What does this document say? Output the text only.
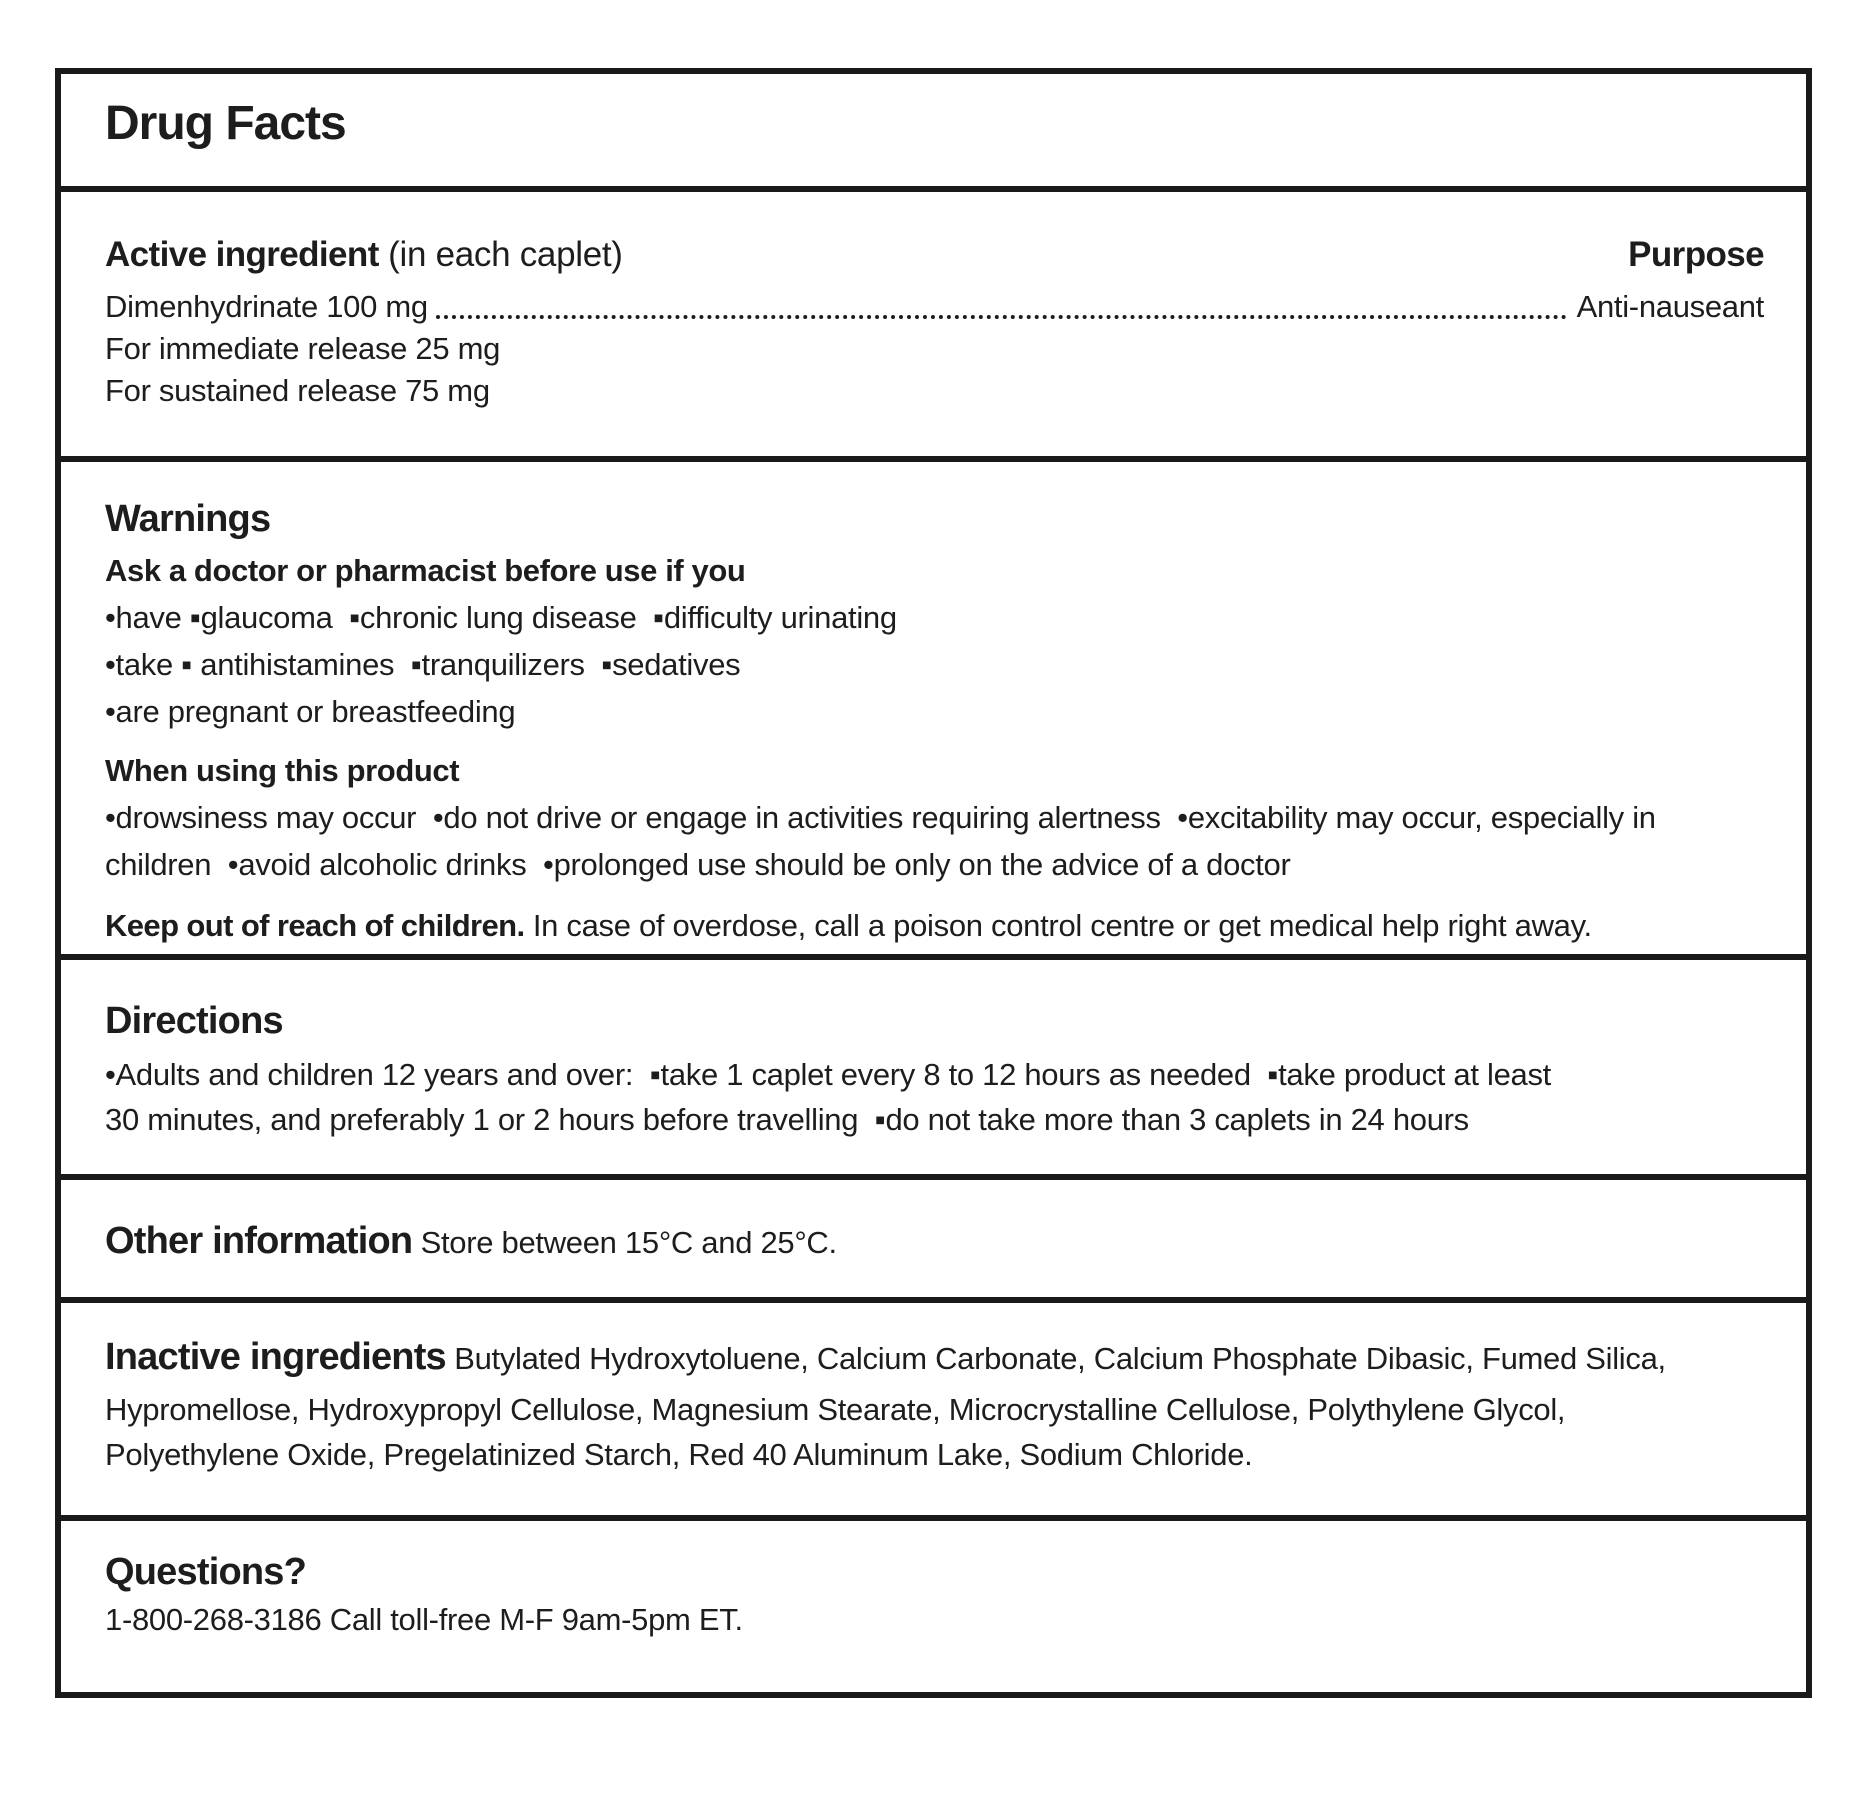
Drug Facts
Active ingredient (in each caplet)	Purpose
Dimenhydrinate 100 mg	Anti-nauseant
For immediate release 25 mg
For sustained release 75 mg
Warnings
Ask a doctor or pharmacist before use if you
•have ▪glaucoma  ▪chronic lung disease  ▪difficulty urinating
•take ▪ antihistamines  ▪tranquilizers  ▪sedatives
•are pregnant or breastfeeding
When using this product
•drowsiness may occur  •do not drive or engage in activities requiring alertness  •excitability may occur, especially in
children  •avoid alcoholic drinks  •prolonged use should be only on the advice of a doctor
Keep out of reach of children. In case of overdose, call a poison control centre or get medical help right away.
Directions
•Adults and children 12 years and over:  ▪take 1 caplet every 8 to 12 hours as needed  ▪take product at least
30 minutes, and preferably 1 or 2 hours before travelling  ▪do not take more than 3 caplets in 24 hours
Other information Store between 15°C and 25°C.
Inactive ingredients Butylated Hydroxytoluene, Calcium Carbonate, Calcium Phosphate Dibasic, Fumed Silica,
Hypromellose, Hydroxypropyl Cellulose, Magnesium Stearate, Microcrystalline Cellulose, Polythylene Glycol,
Polyethylene Oxide, Pregelatinized Starch, Red 40 Aluminum Lake, Sodium Chloride.
Questions?
1-800-268-3186 Call toll-free M-F 9am-5pm ET.
